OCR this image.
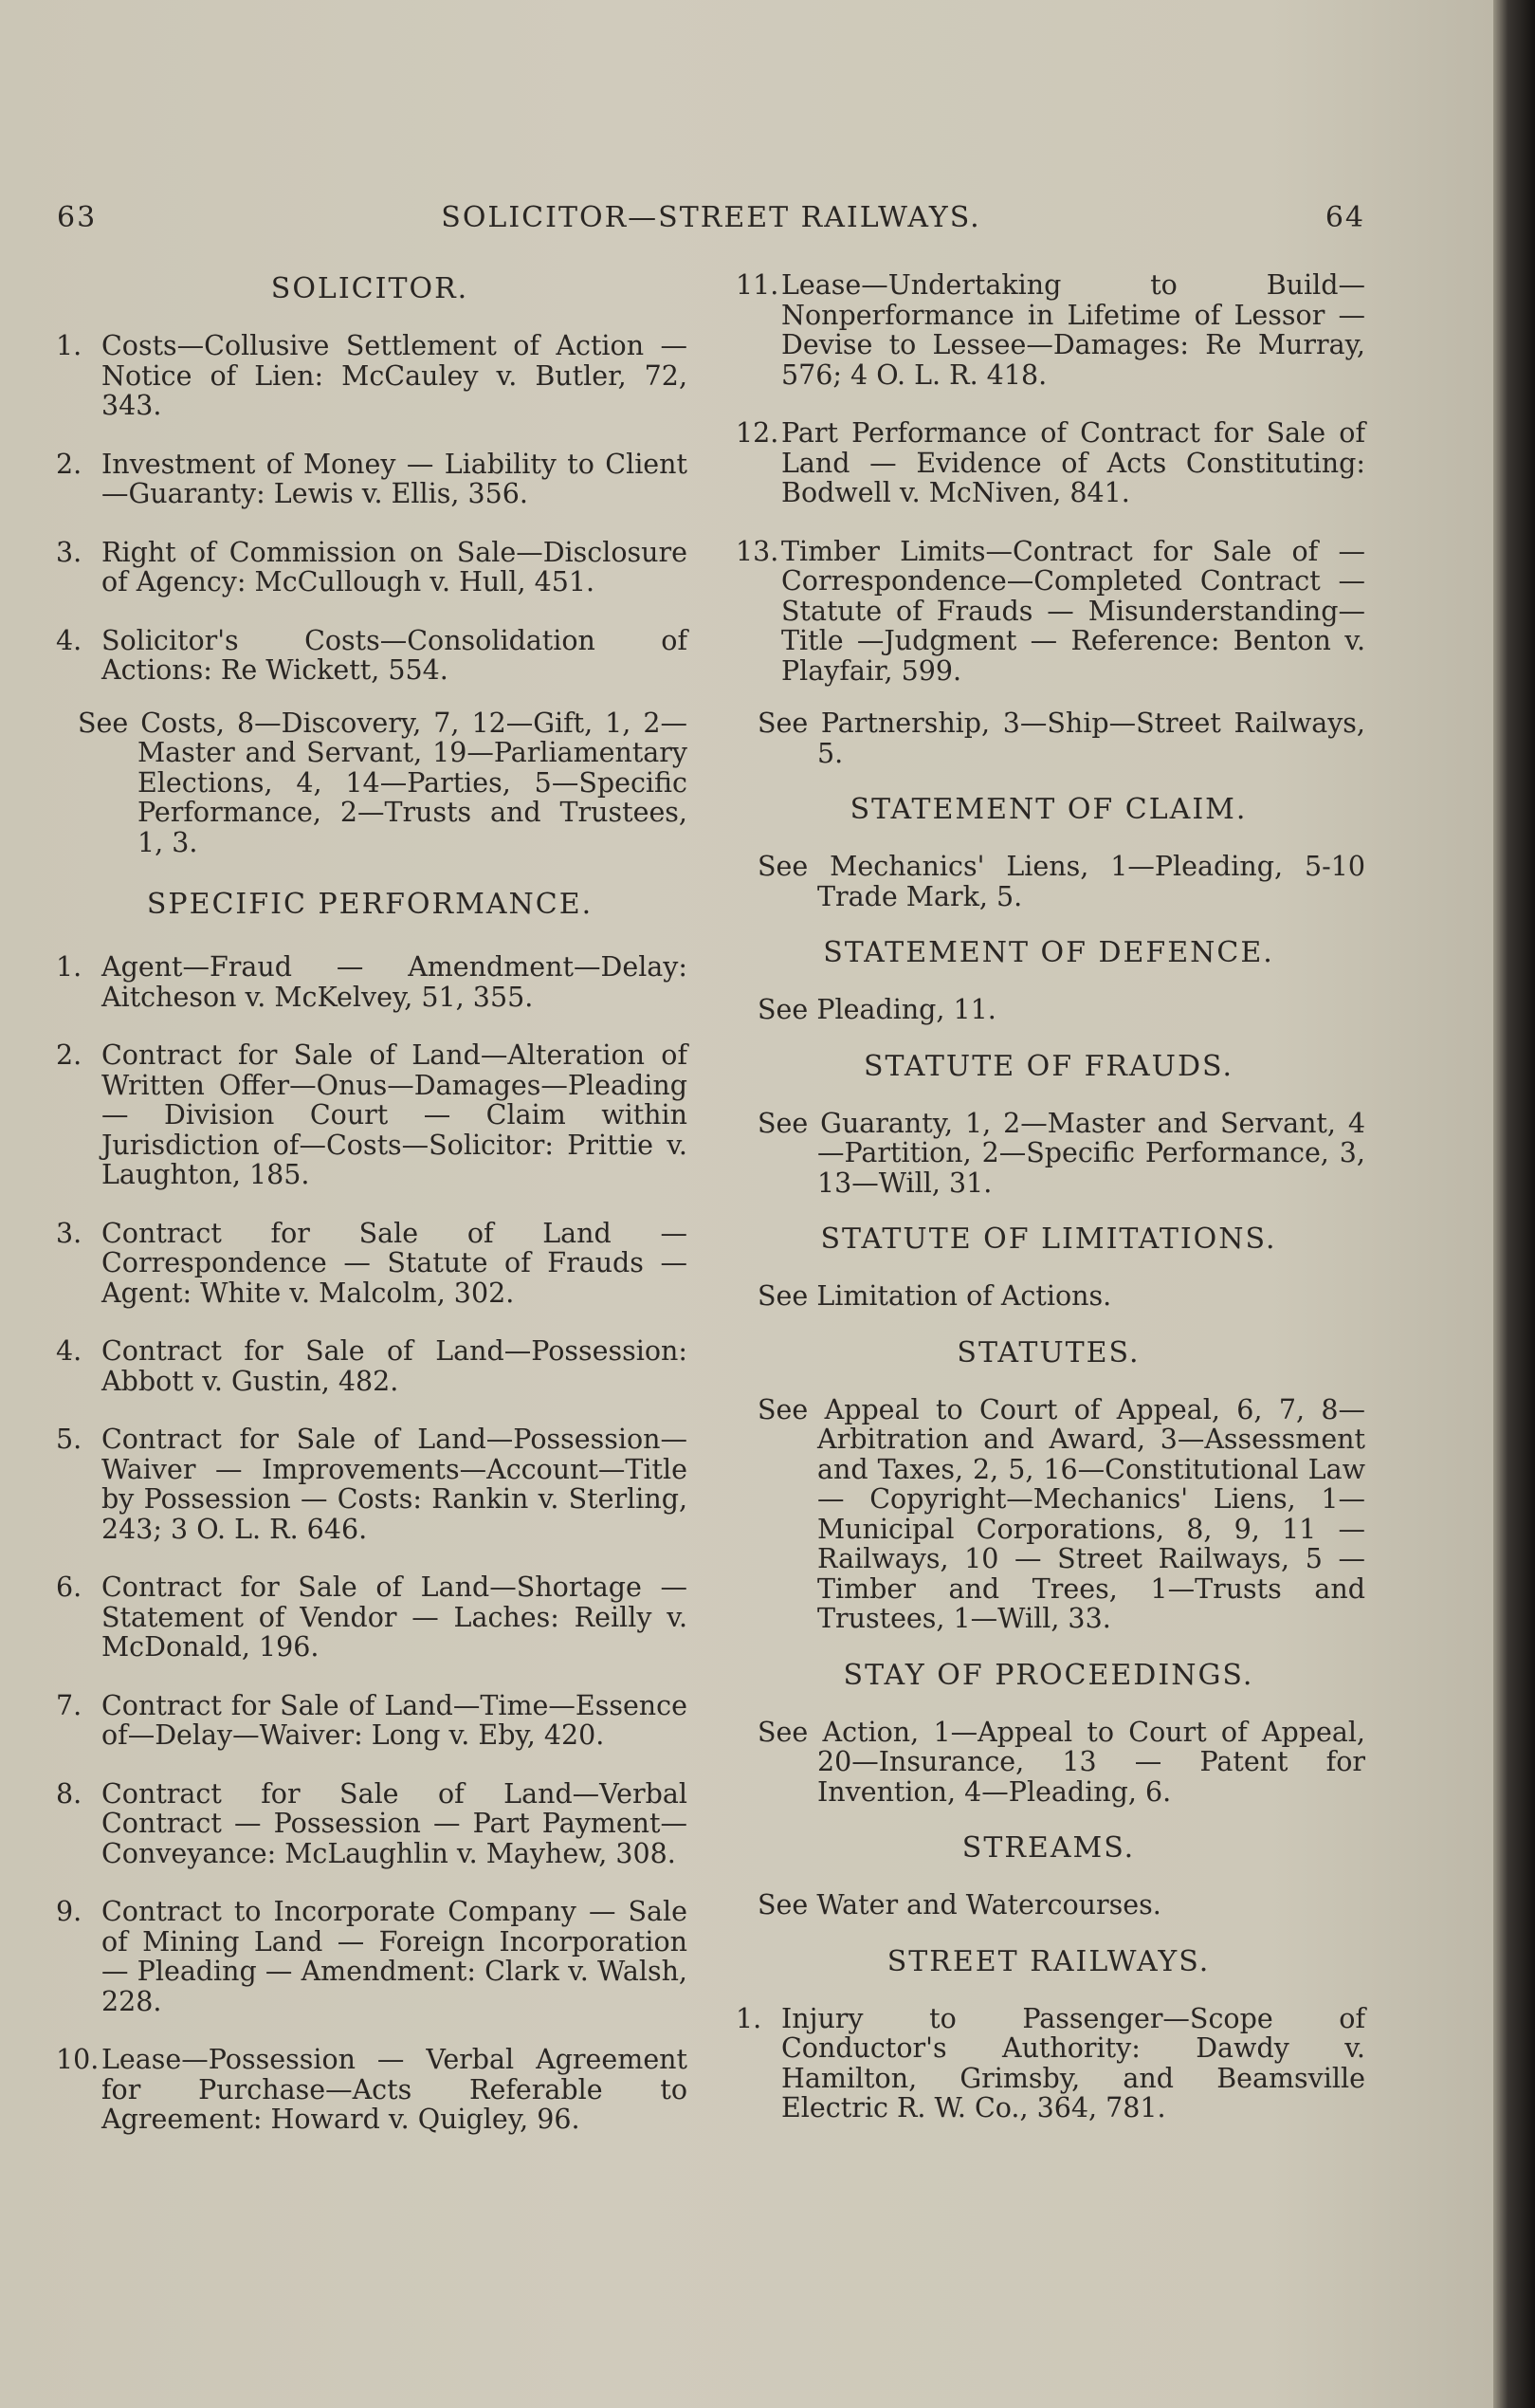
63	SOLICITOR—STREET RAILWAYS.	64
SOLICITOR.

1. Costs—Collusive Settlement of Action —Notice of Lien: McCauley v. Butler, 72, 343.

2. Investment of Money — Liability to Client—Guaranty: Lewis v. Ellis, 356.

3. Right of Commission on Sale—Disclosure of Agency: McCullough v. Hull, 451.

4. Solicitor's Costs—Consolidation of Actions: Re Wickett, 554.

See Costs, 8—Discovery, 7, 12—Gift, 1, 2—Master and Servant, 19—Parliamentary Elections, 4, 14—Parties, 5—Specific Performance, 2—Trusts and Trustees, 1, 3.

SPECIFIC PERFORMANCE.

1. Agent—Fraud — Amendment—Delay: Aitcheson v. McKelvey, 51, 355.

2. Contract for Sale of Land—Alteration of Written Offer—Onus—Damages—Pleading — Division Court — Claim within Jurisdiction of—Costs—Solicitor: Prittie v. Laughton, 185.

3. Contract for Sale of Land — Correspondence — Statute of Frauds — Agent: White v. Malcolm, 302.

4. Contract for Sale of Land—Possession: Abbott v. Gustin, 482.

5. Contract for Sale of Land—Possession—Waiver — Improvements—Account—Title by Possession — Costs: Rankin v. Sterling, 243; 3 O. L. R. 646.

6. Contract for Sale of Land—Shortage —Statement of Vendor — Laches: Reilly v. McDonald, 196.

7. Contract for Sale of Land—Time—Essence of—Delay—Waiver: Long v. Eby, 420.

8. Contract for Sale of Land—Verbal Contract — Possession — Part Payment—Conveyance: McLaughlin v. Mayhew, 308.

9. Contract to Incorporate Company — Sale of Mining Land — Foreign Incorporation — Pleading — Amendment: Clark v. Walsh, 228.

10. Lease—Possession — Verbal Agreement for Purchase—Acts Referable to Agreement: Howard v. Quigley, 96.

11. Lease—Undertaking to Build—Nonperformance in Lifetime of Lessor —Devise to Lessee—Damages: Re Murray, 576; 4 O. L. R. 418.

12. Part Performance of Contract for Sale of Land — Evidence of Acts Constituting: Bodwell v. McNiven, 841.

13. Timber Limits—Contract for Sale of —Correspondence—Completed Contract — Statute of Frauds — Misunderstanding—Title —Judgment — Reference: Benton v. Playfair, 599.

See Partnership, 3—Ship—Street Railways, 5.

STATEMENT OF CLAIM.

See Mechanics' Liens, 1—Pleading, 5-10 Trade Mark, 5.

STATEMENT OF DEFENCE.

See Pleading, 11.

STATUTE OF FRAUDS.

See Guaranty, 1, 2—Master and Servant, 4—Partition, 2—Specific Performance, 3, 13—Will, 31.

STATUTE OF LIMITATIONS.

See Limitation of Actions.

STATUTES.

See Appeal to Court of Appeal, 6, 7, 8—Arbitration and Award, 3—Assessment and Taxes, 2, 5, 16—Constitutional Law — Copyright—Mechanics' Liens, 1—Municipal Corporations, 8, 9, 11 — Railways, 10 — Street Railways, 5 — Timber and Trees, 1—Trusts and Trustees, 1—Will, 33.

STAY OF PROCEEDINGS.

See Action, 1—Appeal to Court of Appeal, 20—Insurance, 13 — Patent for Invention, 4—Pleading, 6.

STREAMS.

See Water and Watercourses.

STREET RAILWAYS.

1. Injury to Passenger—Scope of Conductor's Authority: Dawdy v. Hamilton, Grimsby, and Beamsville Electric R. W. Co., 364, 781.
